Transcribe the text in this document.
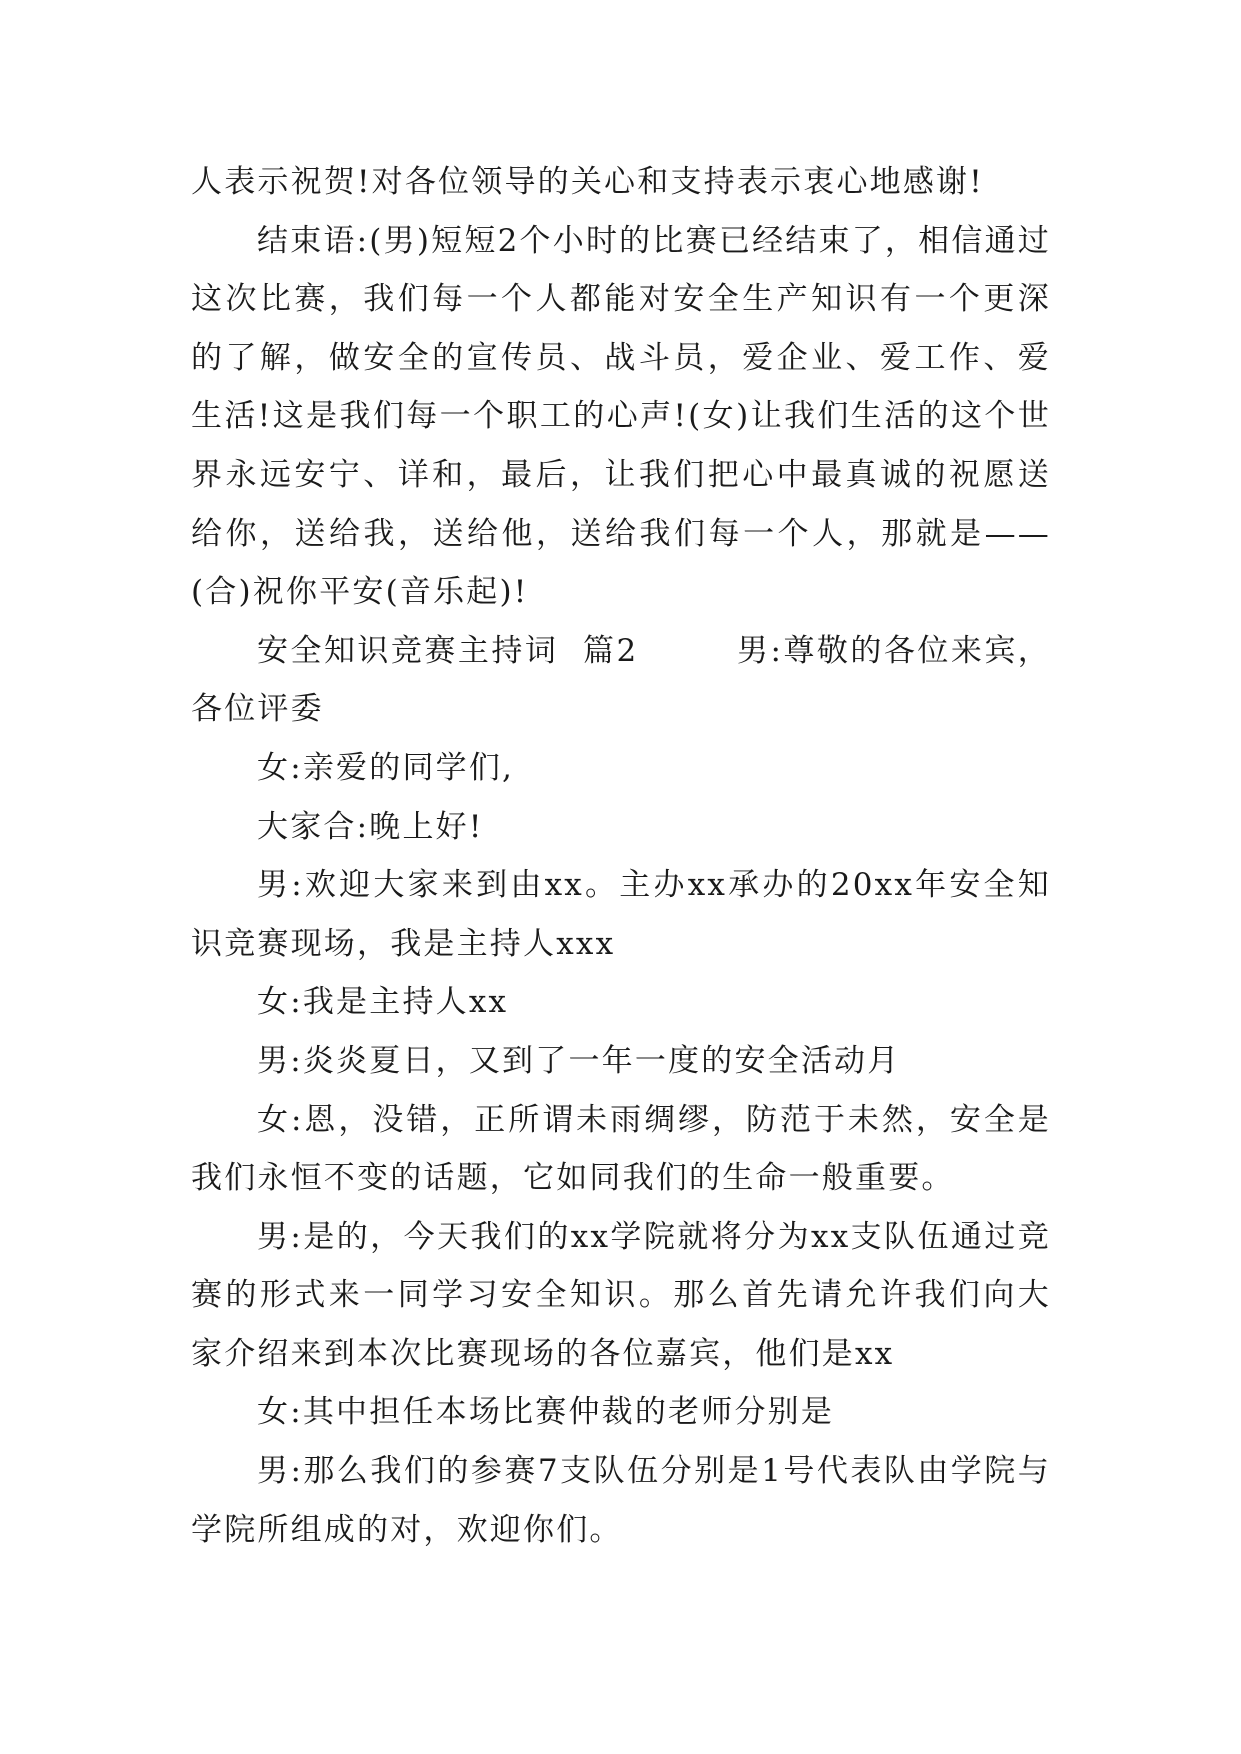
人表示祝贺!对各位领导的关心和支持表示衷心地感谢!

结束语:(男)短短2个小时的比赛已经结束了，相信通过这次比赛，我们每一个人都能对安全生产知识有一个更深的了解，做安全的宣传员、战斗员，爱企业、爱工作、爱生活!这是我们每一个职工的心声!(女)让我们生活的这个世界永远安宁、详和，最后，让我们把心中最真诚的祝愿送给你，送给我，送给他，送给我们每一个人，那就是——(合)祝你平安(音乐起)!

安全知识竞赛主持词  篇2        男:尊敬的各位来宾，各位评委

女:亲爱的同学们,

大家合:晚上好!

男:欢迎大家来到由xx。主办xx承办的20xx年安全知识竞赛现场，我是主持人xxx

女:我是主持人xx

男:炎炎夏日，又到了一年一度的安全活动月

女:恩，没错，正所谓未雨绸缪，防范于未然，安全是我们永恒不变的话题，它如同我们的生命一般重要。

男:是的，今天我们的xx学院就将分为xx支队伍通过竞赛的形式来一同学习安全知识。那么首先请允许我们向大家介绍来到本次比赛现场的各位嘉宾，他们是xx

女:其中担任本场比赛仲裁的老师分别是

男:那么我们的参赛7支队伍分别是1号代表队由学院与学院所组成的对，欢迎你们。
